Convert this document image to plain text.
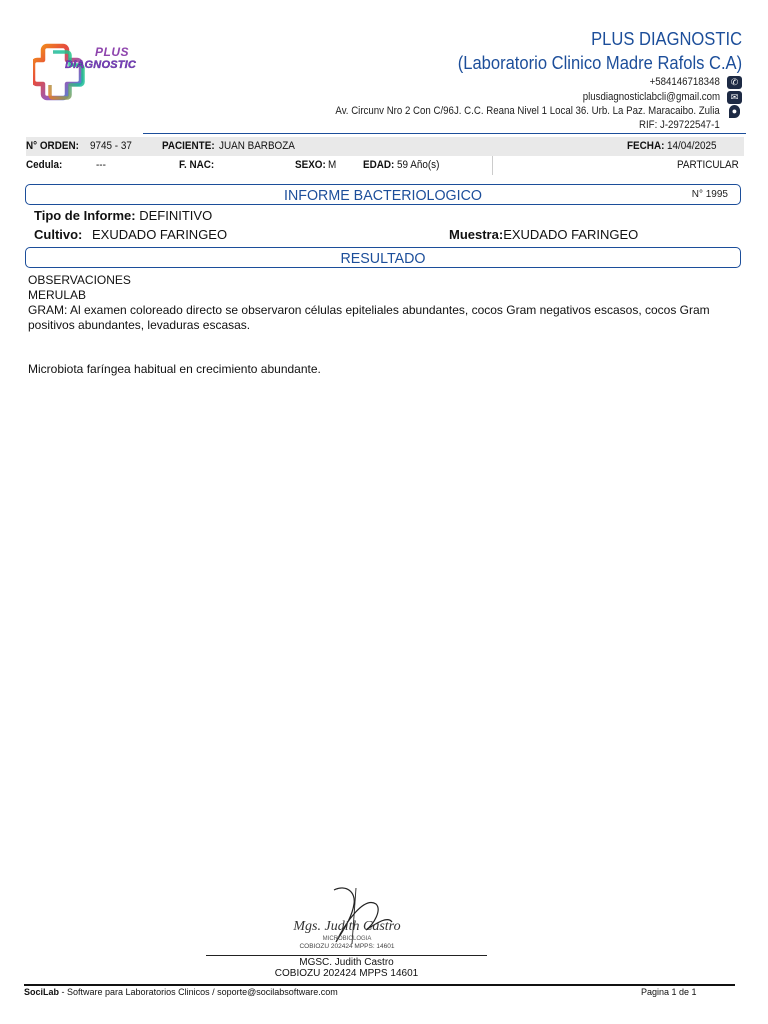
PLUS
DIAGNOSTIC
PLUS DIAGNOSTIC
(Laboratorio Clinico Madre Rafols C.A)
+584146718348	✆
plusdiagnosticlabcli@gmail.com	✉
Av. Circunv Nro 2 Con C/96J. C.C. Reana Nivel 1 Local 36. Urb. La Paz. Maracaibo. Zulia	●
RIF: J-29722547-1
N° ORDEN: 9745 - 37	PACIENTE: JUAN BARBOZA	FECHA: 14/04/2025
Cedula:	---	F. NAC:	SEXO: M EDAD: 59 Año(s)	PARTICULAR
INFORME BACTERIOLOGICO	N° 1995
Tipo de Informe: DEFINITIVO
Cultivo: EXUDADO FARINGEO	Muestra:EXUDADO FARINGEO
RESULTADO

OBSERVACIONES

MERULAB

GRAM: Al examen coloreado directo se observaron células epiteliales abundantes, cocos Gram negativos escasos, cocos Gram positivos abundantes, levaduras escasas.

Microbiota faríngea habitual en crecimiento abundante.

Mgs. Judith Castro
MICROBIOLOGIA
COBIOZU 202424 MPPS: 14601
MGSC. Judith Castro
COBIOZU 202424 MPPS 14601
SociLab - Software para Laboratorios Clinicos / soporte@socilabsoftware.com	Pagina 1 de 1
